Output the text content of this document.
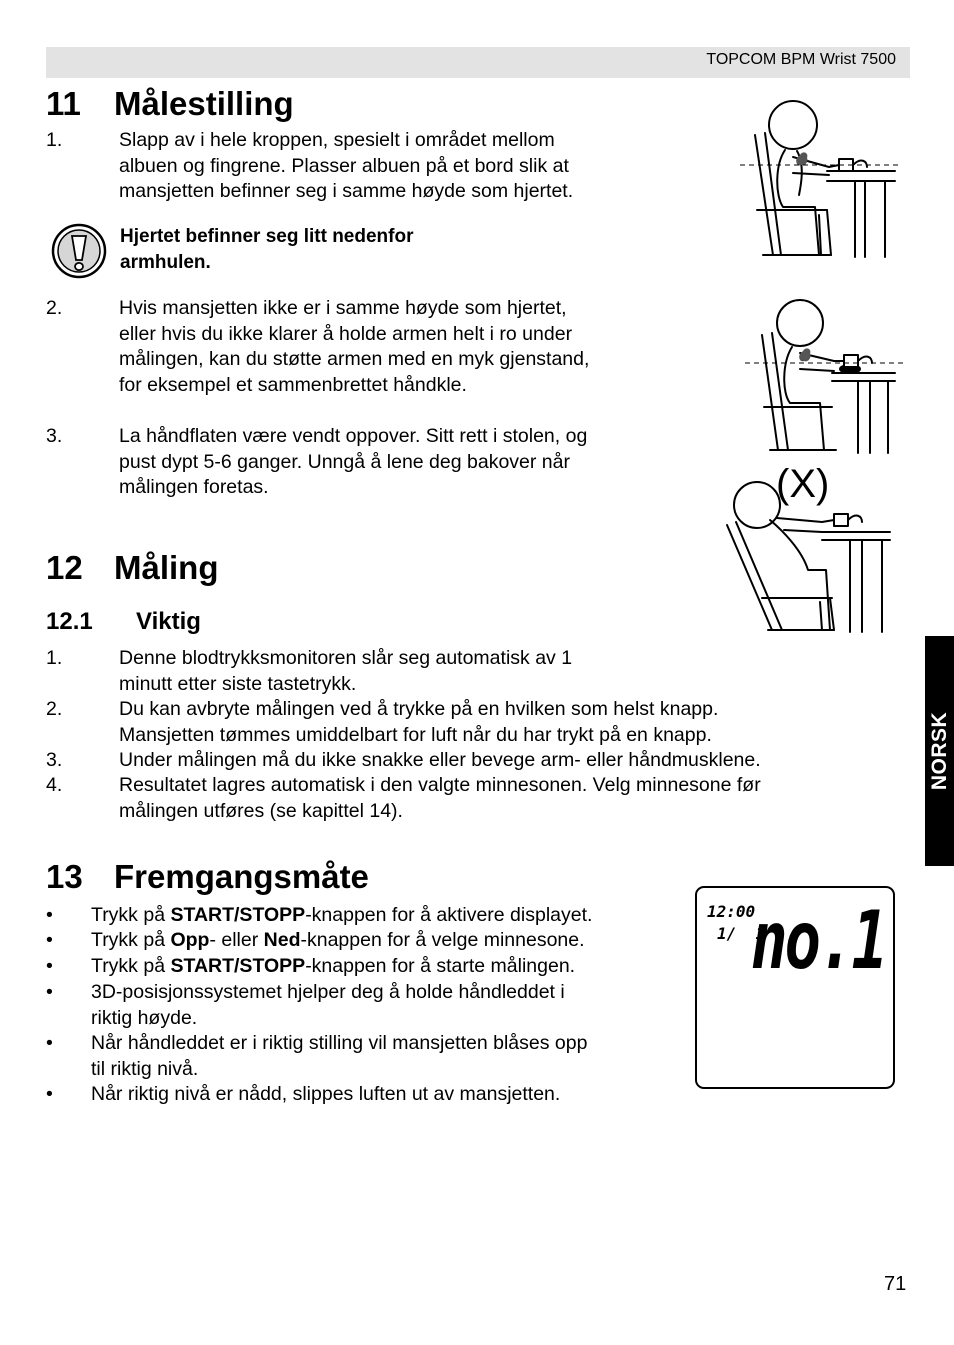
TOPCOM BPM Wrist 7500
11 Målestilling
1.	Slapp av i hele kroppen, spesielt i området mellom
albuen og fingrene. Plasser albuen på et bord slik at
mansjetten befinner seg i samme høyde som hjertet.
Hjertet befinner seg litt nedenfor
armhulen.
2.	Hvis mansjetten ikke er i samme høyde som hjertet,
eller hvis du ikke klarer å holde armen helt i ro under
målingen, kan du støtte armen med en myk gjenstand,
for eksempel et sammenbrettet håndkle.
3.	La håndflaten være vendt oppover. Sitt rett i stolen, og
pust dypt 5-6 ganger. Unngå å lene deg bakover når
målingen foretas.	(X)
12 Måling
12.1 Viktig
1.	Denne blodtrykksmonitoren slår seg automatisk av 1
minutt etter siste tastetrykk.
2.	Du kan avbryte målingen ved å trykke på en hvilken som helst knapp.
Mansjetten tømmes umiddelbart for luft når du har trykt på en knapp.
3.	Under målingen må du ikke snakke eller bevege arm- eller håndmusklene.
4.	Resultatet lagres automatisk i den valgte minnesonen. Velg minnesone før
målingen utføres (se kapittel 14).
NORSK
13 Fremgangsmåte
• Trykk på START/STOPP-knappen for å aktivere displayet.
• Trykk på Opp- eller Ned-knappen for å velge minnesone.
• Trykk på START/STOPP-knappen for å starte målingen.
• 3D-posisjonssystemet hjelper deg å holde håndleddet i
riktig høyde.
• Når håndleddet er i riktig stilling vil mansjetten blåses opp
til riktig nivå.
• Når riktig nivå er nådd, slippes luften ut av mansjetten.
12:00
1/  1
no.1
71
